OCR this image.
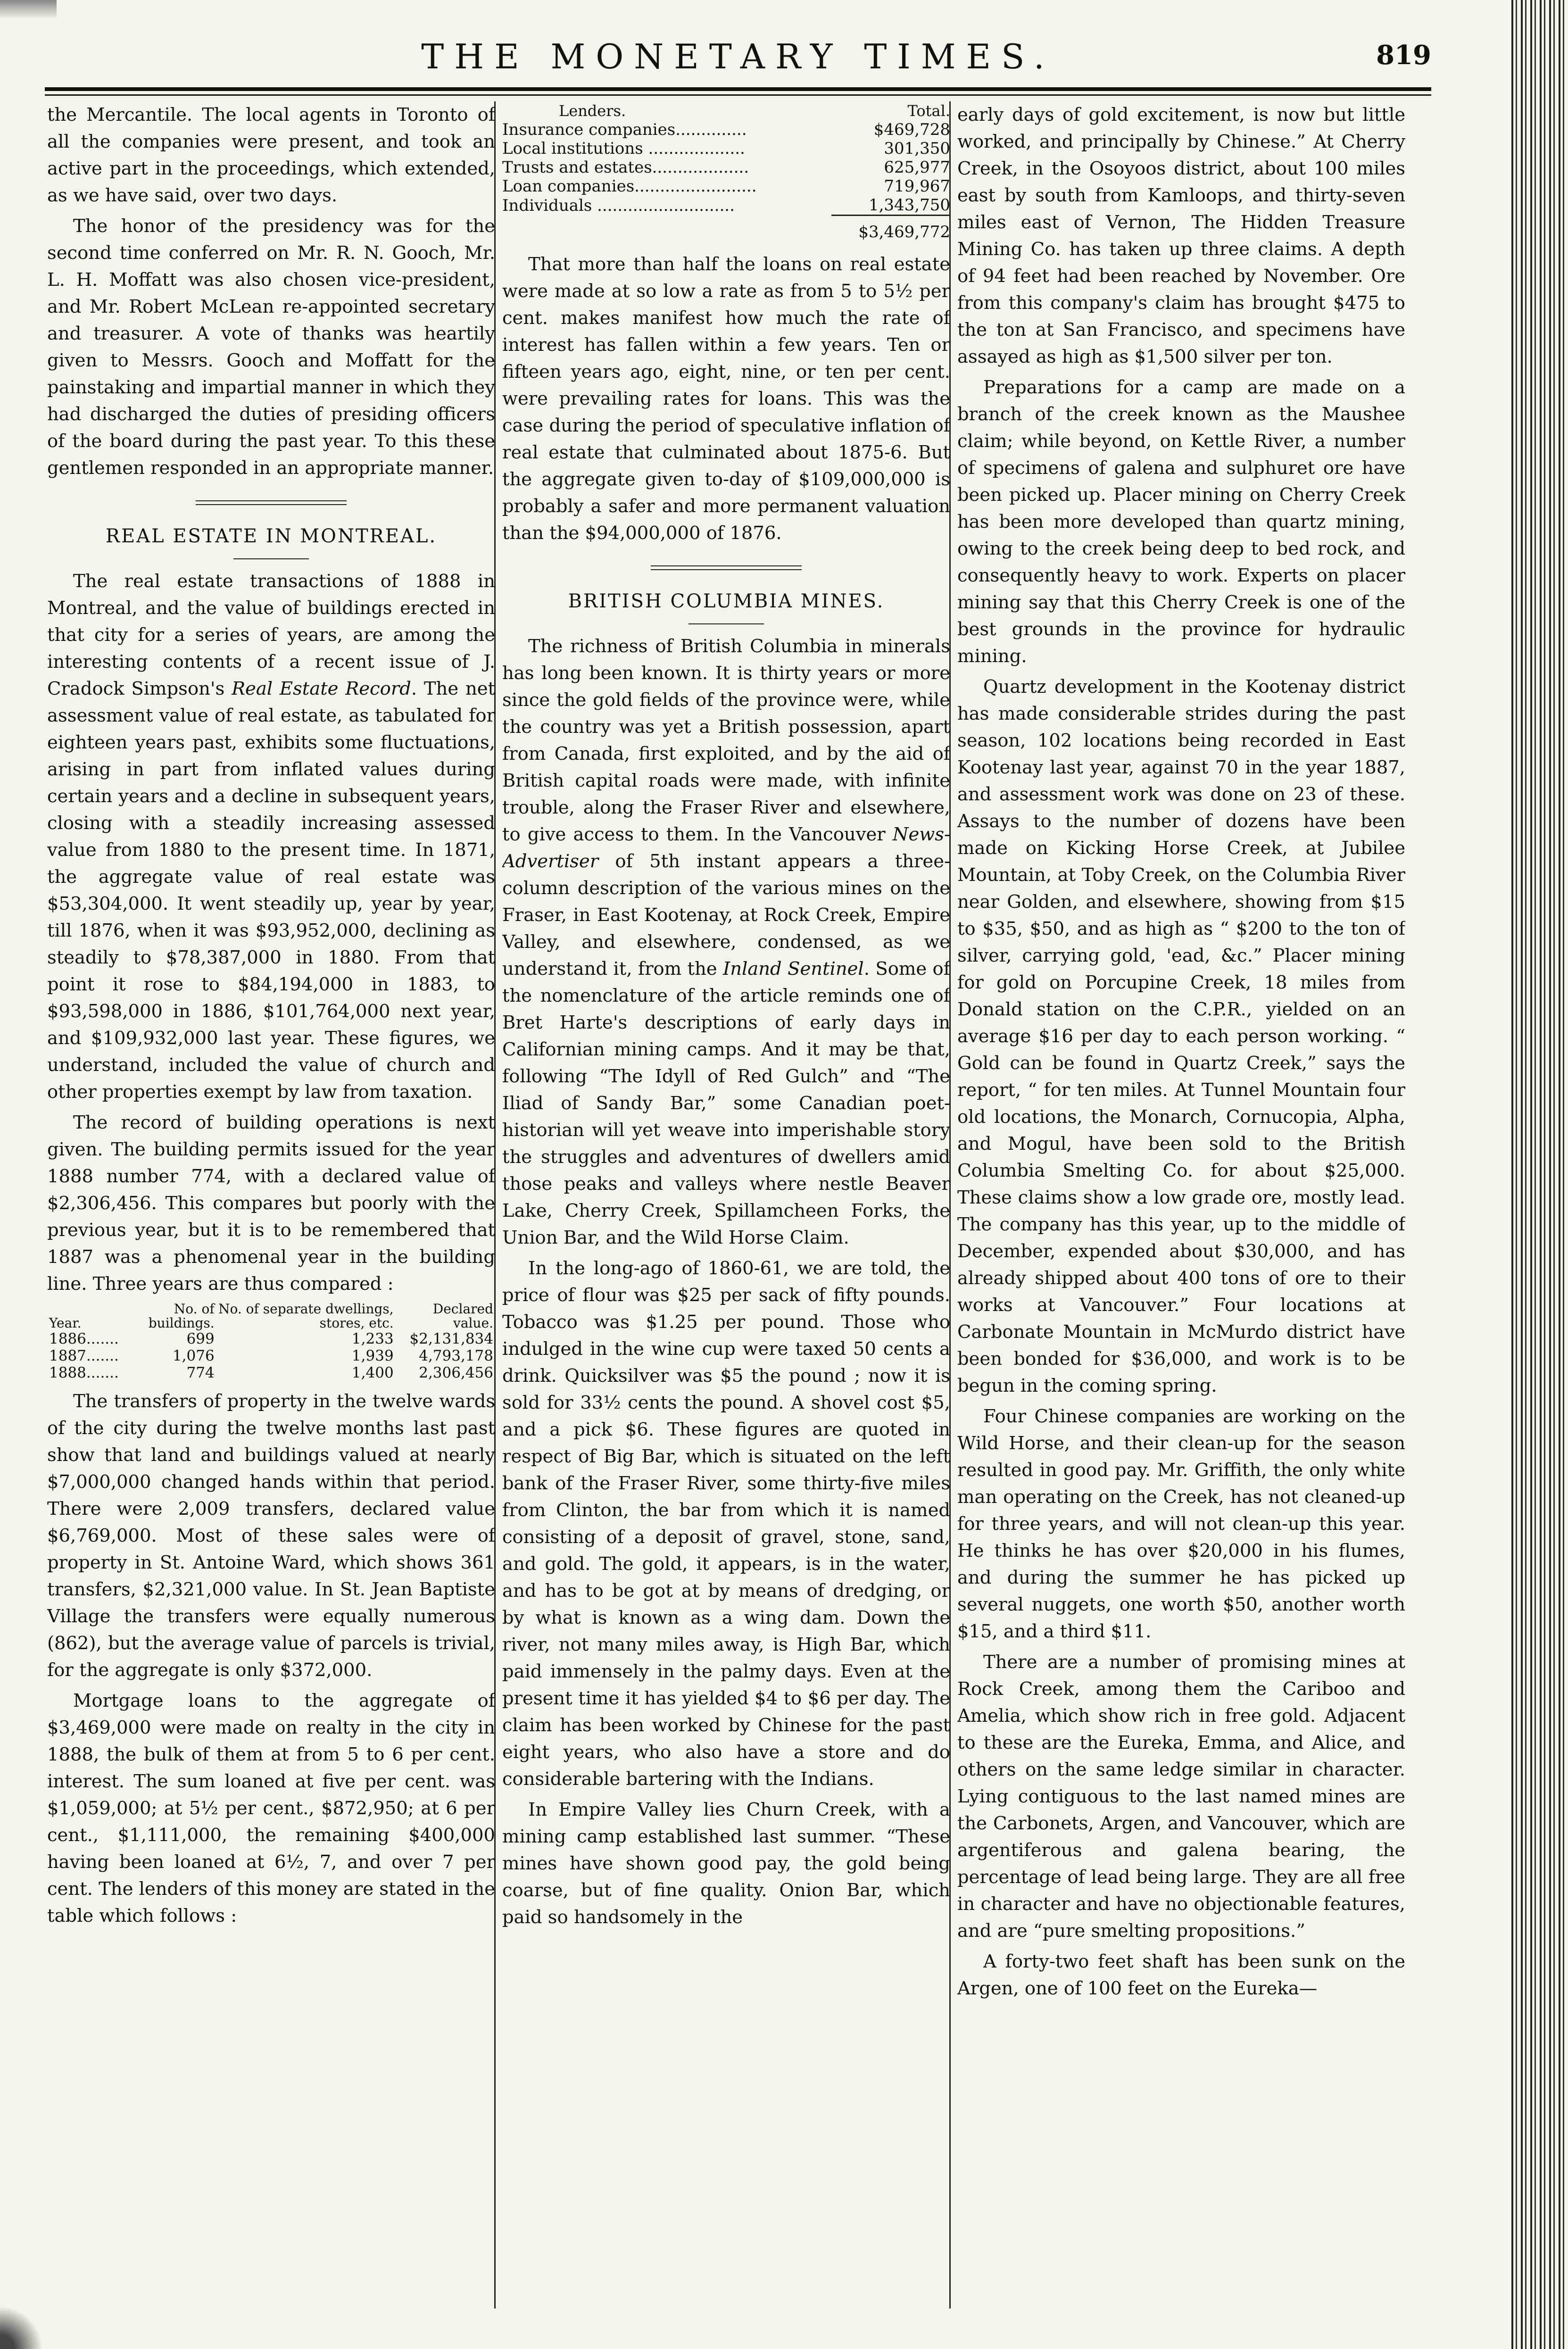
THE MONETARY TIMES.	819

the Mercantile. The local agents in Toronto of all the companies were present, and took an active part in the proceedings, which extended, as we have said, over two days.

The honor of the presidency was for the second time conferred on Mr. R. N. Gooch, Mr. L. H. Moffatt was also chosen vice-president, and Mr. Robert McLean re-appointed secretary and treasurer. A vote of thanks was heartily given to Messrs. Gooch and Moffatt for the painstaking and impartial manner in which they had discharged the duties of presiding officers of the board during the past year. To this these gentlemen responded in an appropriate manner.

REAL ESTATE IN MONTREAL.

The real estate transactions of 1888 in Montreal, and the value of buildings erected in that city for a series of years, are among the interesting contents of a recent issue of J. Cradock Simpson's Real Estate Record. The net assessment value of real estate, as tabulated for eighteen years past, exhibits some fluctuations, arising in part from inflated values during certain years and a decline in subsequent years, closing with a steadily increasing assessed value from 1880 to the present time. In 1871, the aggregate value of real estate was $53,304,000. It went steadily up, year by year, till 1876, when it was $93,952,000, declining as steadily to $78,387,000 in 1880. From that point it rose to $84,194,000 in 1883, to $93,598,000 in 1886, $101,764,000 next year, and $109,932,000 last year. These figures, we understand, included the value of church and other properties exempt by law from taxation.

The record of building operations is next given. The building permits issued for the year 1888 number 774, with a declared value of $2,306,456. This compares but poorly with the previous year, but it is to be remembered that 1887 was a phenomenal year in the building line. Three years are thus compared :

Year.	No. of buildings.	No. of separate dwellings, stores, etc.	Declared value.
1886.......	699	1,233	$2,131,834
1887.......	1,076	1,939	4,793,178
1888.......	774	1,400	2,306,456

The transfers of property in the twelve wards of the city during the twelve months last past show that land and buildings valued at nearly $7,000,000 changed hands within that period. There were 2,009 transfers, declared value $6,769,000. Most of these sales were of property in St. Antoine Ward, which shows 361 transfers, $2,321,000 value. In St. Jean Baptiste Village the transfers were equally numerous (862), but the average value of parcels is trivial, for the aggregate is only $372,000.

Mortgage loans to the aggregate of $3,469,000 were made on realty in the city in 1888, the bulk of them at from 5 to 6 per cent. interest. The sum loaned at five per cent. was $1,059,000; at 5½ per cent., $872,950; at 6 per cent., $1,111,000, the remaining $400,000 having been loaned at 6½, 7, and over 7 per cent. The lenders of this money are stated in the table which follows :

Lenders.	Total.
Insurance companies..............	$469,728
Local institutions ...................	301,350
Trusts and estates...................	625,977
Loan companies........................	719,967
Individuals ...........................	1,343,750
	$3,469,772

That more than half the loans on real estate were made at so low a rate as from 5 to 5½ per cent. makes manifest how much the rate of interest has fallen within a few years. Ten or fifteen years ago, eight, nine, or ten per cent. were prevailing rates for loans. This was the case during the period of speculative inflation of real estate that culminated about 1875-6. But the aggregate given to-day of $109,000,000 is probably a safer and more permanent valuation than the $94,000,000 of 1876.

BRITISH COLUMBIA MINES.

The richness of British Columbia in minerals has long been known. It is thirty years or more since the gold fields of the province were, while the country was yet a British possession, apart from Canada, first exploited, and by the aid of British capital roads were made, with infinite trouble, along the Fraser River and elsewhere, to give access to them. In the Vancouver News-Advertiser of 5th instant appears a three-column description of the various mines on the Fraser, in East Kootenay, at Rock Creek, Empire Valley, and elsewhere, condensed, as we understand it, from the Inland Sentinel. Some of the nomenclature of the article reminds one of Bret Harte's descriptions of early days in Californian mining camps. And it may be that, following “The Idyll of Red Gulch” and “The Iliad of Sandy Bar,” some Canadian poet-historian will yet weave into imperishable story the struggles and adventures of dwellers amid those peaks and valleys where nestle Beaver Lake, Cherry Creek, Spillamcheen Forks, the Union Bar, and the Wild Horse Claim.

In the long-ago of 1860-61, we are told, the price of flour was $25 per sack of fifty pounds. Tobacco was $1.25 per pound. Those who indulged in the wine cup were taxed 50 cents a drink. Quicksilver was $5 the pound ; now it is sold for 33½ cents the pound. A shovel cost $5, and a pick $6. These figures are quoted in respect of Big Bar, which is situated on the left bank of the Fraser River, some thirty-five miles from Clinton, the bar from which it is named consisting of a deposit of gravel, stone, sand, and gold. The gold, it appears, is in the water, and has to be got at by means of dredging, or by what is known as a wing dam. Down the river, not many miles away, is High Bar, which paid immensely in the palmy days. Even at the present time it has yielded $4 to $6 per day. The claim has been worked by Chinese for the past eight years, who also have a store and do considerable bartering with the Indians.

In Empire Valley lies Churn Creek, with a mining camp established last summer. “These mines have shown good pay, the gold being coarse, but of fine quality. Onion Bar, which paid so handsomely in the

early days of gold excitement, is now but little worked, and principally by Chinese.” At Cherry Creek, in the Osoyoos district, about 100 miles east by south from Kamloops, and thirty-seven miles east of Vernon, The Hidden Treasure Mining Co. has taken up three claims. A depth of 94 feet had been reached by November. Ore from this company's claim has brought $475 to the ton at San Francisco, and specimens have assayed as high as $1,500 silver per ton.

Preparations for a camp are made on a branch of the creek known as the Maushee claim; while beyond, on Kettle River, a number of specimens of galena and sulphuret ore have been picked up. Placer mining on Cherry Creek has been more developed than quartz mining, owing to the creek being deep to bed rock, and consequently heavy to work. Experts on placer mining say that this Cherry Creek is one of the best grounds in the province for hydraulic mining.

Quartz development in the Kootenay district has made considerable strides during the past season, 102 locations being recorded in East Kootenay last year, against 70 in the year 1887, and assessment work was done on 23 of these. Assays to the number of dozens have been made on Kicking Horse Creek, at Jubilee Mountain, at Toby Creek, on the Columbia River near Golden, and elsewhere, showing from $15 to $35, $50, and as high as “ $200 to the ton of silver, carrying gold, 'ead, &c.” Placer mining for gold on Porcupine Creek, 18 miles from Donald station on the C.P.R., yielded on an average $16 per day to each person working. “ Gold can be found in Quartz Creek,” says the report, “ for ten miles. At Tunnel Mountain four old locations, the Monarch, Cornucopia, Alpha, and Mogul, have been sold to the British Columbia Smelting Co. for about $25,000. These claims show a low grade ore, mostly lead. The company has this year, up to the middle of December, expended about $30,000, and has already shipped about 400 tons of ore to their works at Vancouver.” Four locations at Carbonate Mountain in McMurdo district have been bonded for $36,000, and work is to be begun in the coming spring.

Four Chinese companies are working on the Wild Horse, and their clean-up for the season resulted in good pay. Mr. Griffith, the only white man operating on the Creek, has not cleaned-up for three years, and will not clean-up this year. He thinks he has over $20,000 in his flumes, and during the summer he has picked up several nuggets, one worth $50, another worth $15, and a third $11.

There are a number of promising mines at Rock Creek, among them the Cariboo and Amelia, which show rich in free gold. Adjacent to these are the Eureka, Emma, and Alice, and others on the same ledge similar in character. Lying contiguous to the last named mines are the Carbonets, Argen, and Vancouver, which are argentiferous and galena bearing, the percentage of lead being large. They are all free in character and have no objectionable features, and are “pure smelting propositions.”

A forty-two feet shaft has been sunk on the Argen, one of 100 feet on the Eureka—
